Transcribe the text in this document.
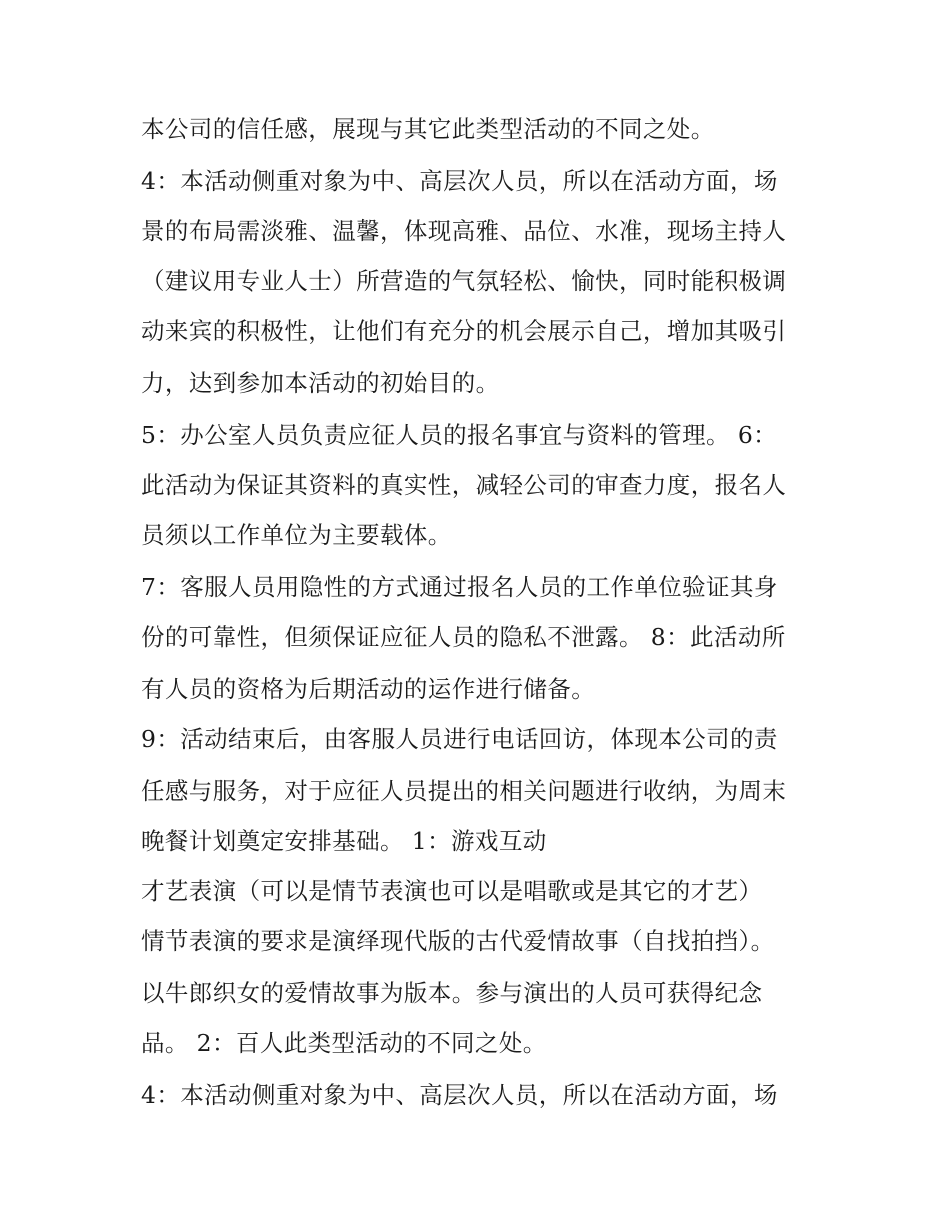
本公司的信任感，展现与其它此类型活动的不同之处。
4：本活动侧重对象为中、高层次人员，所以在活动方面，场
景的布局需淡雅、温馨，体现高雅、品位、水准，现场主持人
（建议用专业人士）所营造的气氛轻松、愉快，同时能积极调
动来宾的积极性，让他们有充分的机会展示自己，增加其吸引
力，达到参加本活动的初始目的。
5：办公室人员负责应征人员的报名事宜与资料的管理。 6：
此活动为保证其资料的真实性，减轻公司的审查力度，报名人
员须以工作单位为主要载体。
7：客服人员用隐性的方式通过报名人员的工作单位验证其身
份的可靠性，但须保证应征人员的隐私不泄露。 8：此活动所
有人员的资格为后期活动的运作进行储备。
9：活动结束后，由客服人员进行电话回访，体现本公司的责
任感与服务，对于应征人员提出的相关问题进行收纳，为周末
晚餐计划奠定安排基础。 1：游戏互动
才艺表演（可以是情节表演也可以是唱歌或是其它的才艺）
情节表演的要求是演绎现代版的古代爱情故事（自找拍挡）。
以牛郎织女的爱情故事为版本。参与演出的人员可获得纪念
品。 2：百人此类型活动的不同之处。
4：本活动侧重对象为中、高层次人员，所以在活动方面，场
